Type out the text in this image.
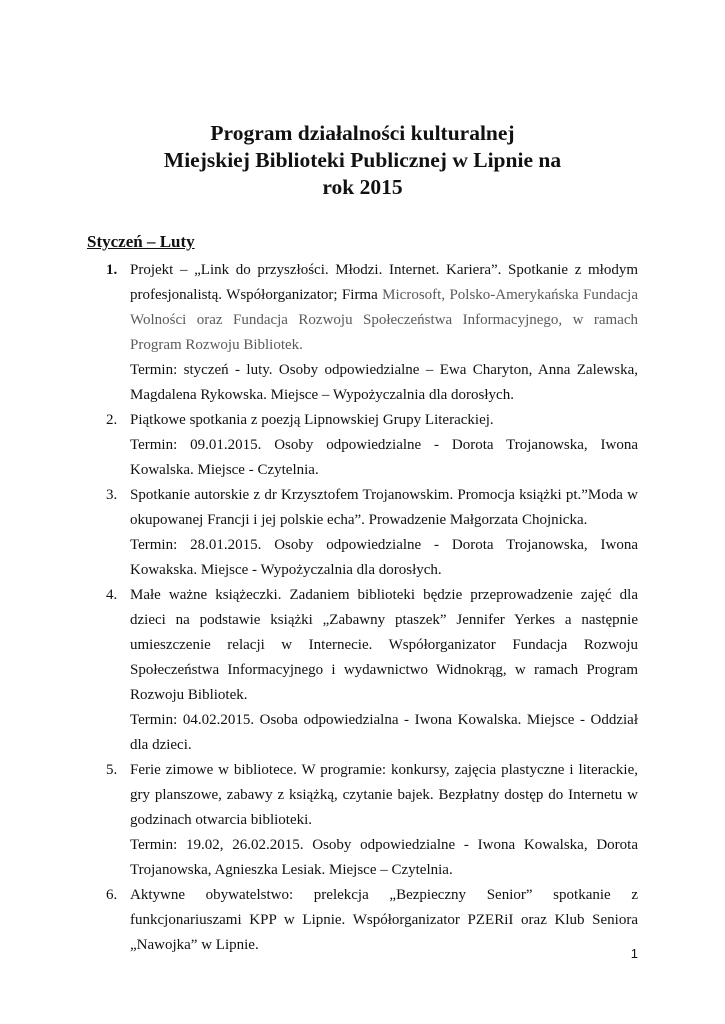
Program działalności kulturalnej
Miejskiej Biblioteki Publicznej w Lipnie na
rok 2015
Styczeń – Luty
1. Projekt – „Link do przyszłości. Młodzi. Internet. Kariera”. Spotkanie z młodym profesjonalistą. Współorganizator; Firma Microsoft, Polsko-Amerykańska Fundacja Wolności oraz Fundacja Rozwoju Społeczeństwa Informacyjnego, w ramach Program Rozwoju Bibliotek.

Termin: styczeń - luty. Osoby odpowiedzialne – Ewa Charyton, Anna Zalewska, Magdalena Rykowska. Miejsce – Wypożyczalnia dla dorosłych.

2. Piątkowe spotkania z poezją Lipnowskiej Grupy Literackiej.

Termin: 09.01.2015. Osoby odpowiedzialne - Dorota Trojanowska, Iwona Kowalska. Miejsce - Czytelnia.

3. Spotkanie autorskie z dr Krzysztofem Trojanowskim. Promocja książki pt.”Moda w okupowanej Francji i jej polskie echa”. Prowadzenie Małgorzata Chojnicka.

Termin: 28.01.2015. Osoby odpowiedzialne - Dorota Trojanowska, Iwona Kowakska. Miejsce - Wypożyczalnia dla dorosłych.

4. Małe ważne książeczki. Zadaniem biblioteki będzie przeprowadzenie zajęć dla dzieci na podstawie książki „Zabawny ptaszek” Jennifer Yerkes a następnie umieszczenie relacji w Internecie. Współorganizator Fundacja Rozwoju Społeczeństwa Informacyjnego i wydawnictwo Widnokrąg, w ramach Program Rozwoju Bibliotek.

Termin: 04.02.2015. Osoba odpowiedzialna - Iwona Kowalska. Miejsce - Oddział dla dzieci.

5. Ferie zimowe w bibliotece. W programie: konkursy, zajęcia plastyczne i literackie, gry planszowe, zabawy z książką, czytanie bajek. Bezpłatny dostęp do Internetu w godzinach otwarcia biblioteki.

Termin: 19.02, 26.02.2015. Osoby odpowiedzialne - Iwona Kowalska, Dorota Trojanowska, Agnieszka Lesiak. Miejsce – Czytelnia.

6. Aktywne obywatelstwo: prelekcja „Bezpieczny Senior” spotkanie z funkcjonariuszami KPP w Lipnie. Współorganizator PZERiI oraz Klub Seniora „Nawojka” w Lipnie.

1
